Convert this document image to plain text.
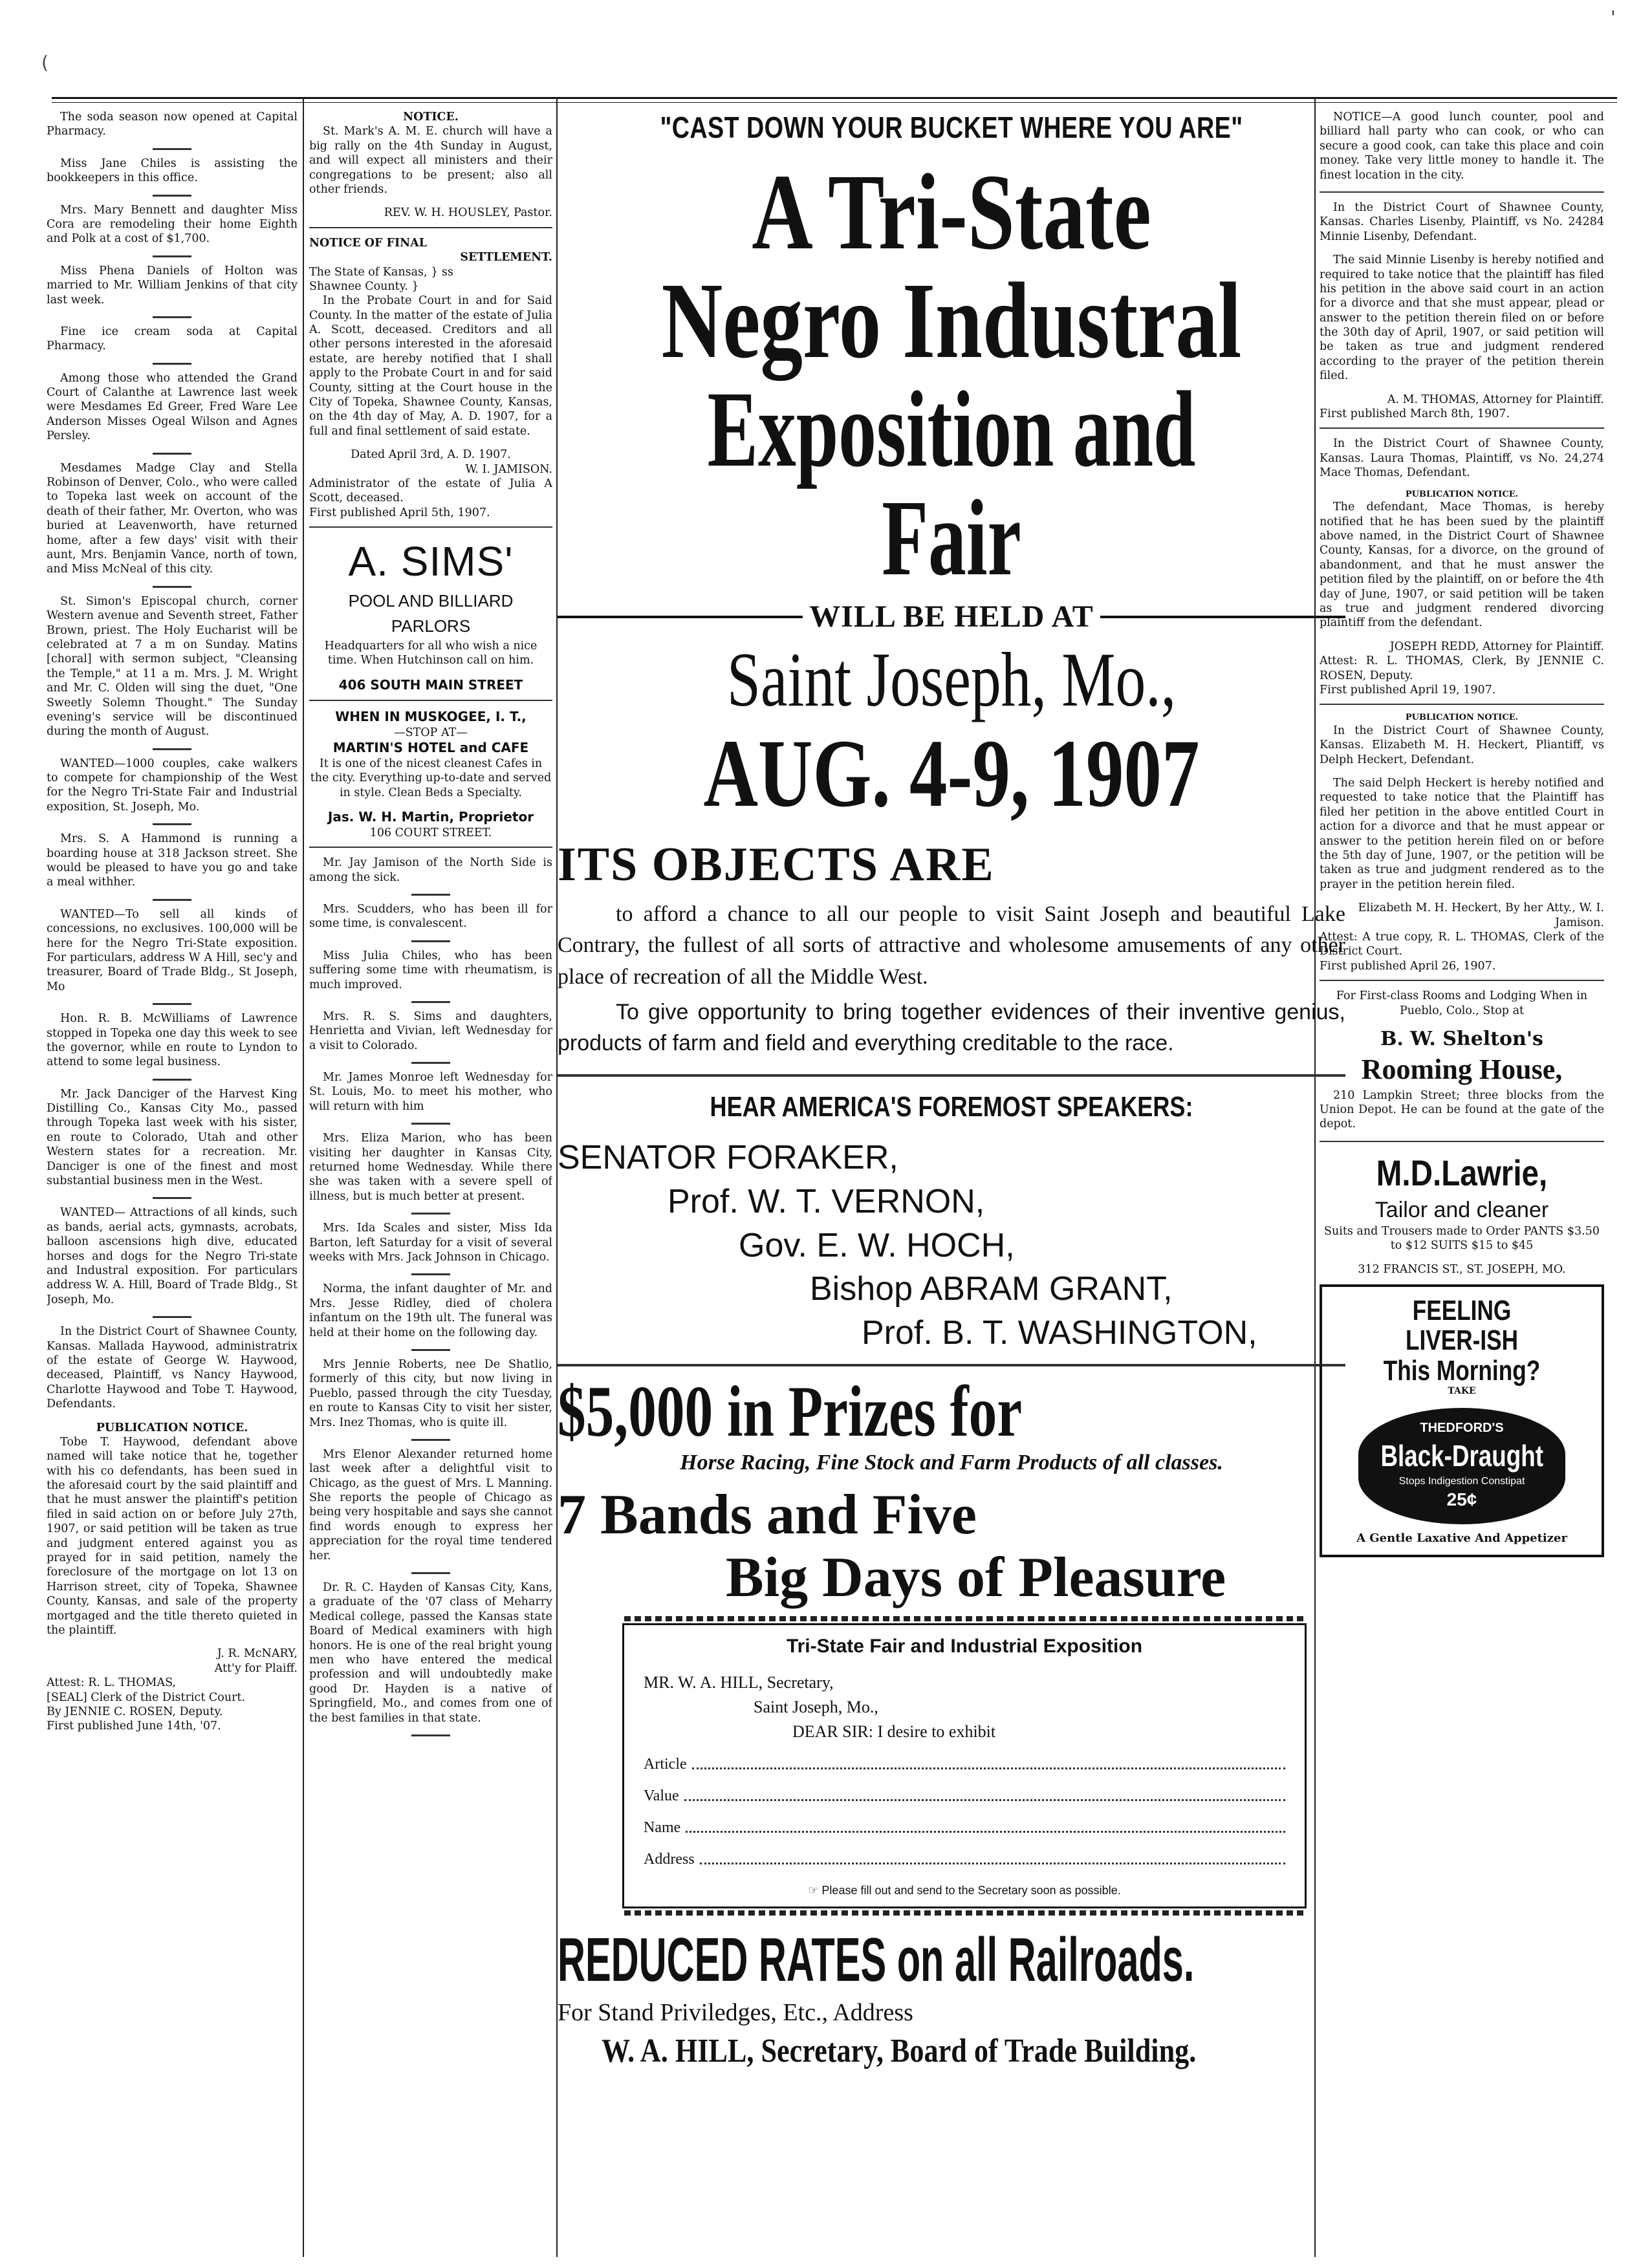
(
'

The soda season now opened at Capital Pharmacy.

Miss Jane Chiles is assisting the bookkeepers in this office.

Mrs. Mary Bennett and daughter Miss Cora are remodeling their home Eighth and Polk at a cost of $1,700.

Miss Phena Daniels of Holton was married to Mr. William Jenkins of that city last week.

Fine ice cream soda at Capital Pharmacy.

Among those who attended the Grand Court of Calanthe at Lawrence last week were Mesdames Ed Greer, Fred Ware Lee Anderson Misses Ogeal Wilson and Agnes Persley.

Mesdames Madge Clay and Stella Robinson of Denver, Colo., who were called to Topeka last week on account of the death of their father, Mr. Overton, who was buried at Leavenworth, have returned home, after a few days' visit with their aunt, Mrs. Benjamin Vance, north of town, and Miss McNeal of this city.

St. Simon's Episcopal church, corner Western avenue and Seventh street, Father Brown, priest. The Holy Eucharist will be celebrated at 7 a m on Sunday. Matins [choral] with sermon subject, "Cleansing the Temple," at 11 a m. Mrs. J. M. Wright and Mr. C. Olden will sing the duet, "One Sweetly Solemn Thought." The Sunday evening's service will be discontinued during the month of August.

WANTED—1000 couples, cake walkers to compete for championship of the West for the Negro Tri-State Fair and Industrial exposition, St. Joseph, Mo.

Mrs. S. A Hammond is running a boarding house at 318 Jackson street. She would be pleased to have you go and take a meal withher.

WANTED—To sell all kinds of concessions, no exclusives. 100,000 will be here for the Negro Tri-State exposition. For particulars, address W A Hill, sec'y and treasurer, Board of Trade Bldg., St Joseph, Mo

Hon. R. B. McWilliams of Lawrence stopped in Topeka one day this week to see the governor, while en route to Lyndon to attend to some legal business.

Mr. Jack Danciger of the Harvest King Distilling Co., Kansas City Mo., passed through Topeka last week with his sister, en route to Colorado, Utah and other Western states for a recreation. Mr. Danciger is one of the finest and most substantial business men in the West.

WANTED— Attractions of all kinds, such as bands, aerial acts, gymnasts, acrobats, balloon ascensions high dive, educated horses and dogs for the Negro Tri-state and Industral exposition. For particulars address W. A. Hill, Board of Trade Bldg., St Joseph, Mo.

In the District Court of Shawnee County, Kansas. Mallada Haywood, administratrix of the estate of George W. Haywood, deceased, Plaintiff, vs Nancy Haywood, Charlotte Haywood and Tobe T. Haywood, Defendants.

PUBLICATION NOTICE.

Tobe T. Haywood, defendant above named will take notice that he, together with his co defendants, has been sued in the aforesaid court by the said plaintiff and that he must answer the plaintiff's petition filed in said action on or before July 27th, 1907, or said petition will be taken as true and judgment entered against you as prayed for in said petition, namely the foreclosure of the mortgage on lot 13 on Harrison street, city of Topeka, Shawnee County, Kansas, and sale of the property mortgaged and the title thereto quieted in the plaintiff.

J. R. McNARY,
Att'y for Plaiff.
Attest: R. L. THOMAS,
[SEAL] Clerk of the District Court.
By JENNIE C. ROSEN, Deputy.
First published June 14th, '07.
NOTICE.

St. Mark's A. M. E. church will have a big rally on the 4th Sunday in August, and will expect all ministers and their congregations to be present; also all other friends.

REV. W. H. HOUSLEY, Pastor.
NOTICE OF FINAL
SETTLEMENT.
The State of Kansas, } ss
Shawnee County. }

In the Probate Court in and for Said County. In the matter of the estate of Julia A. Scott, deceased. Creditors and all other persons interested in the aforesaid estate, are hereby notified that I shall apply to the Probate Court in and for said County, sitting at the Court house in the City of Topeka, Shawnee County, Kansas, on the 4th day of May, A. D. 1907, for a full and final settlement of said estate.

Dated April 3rd, A. D. 1907.
W. I. JAMISON.
Administrator of the estate of Julia A Scott, deceased.
First published April 5th, 1907.
A. SIMS'
POOL AND BILLIARD
PARLORS

Headquarters for all who wish a nice time. When Hutchinson call on him.

406 SOUTH MAIN STREET
WHEN IN MUSKOGEE, I. T.,
—STOP AT—
MARTIN'S HOTEL and CAFE

It is one of the nicest cleanest Cafes in the city. Everything up-to-date and served in style. Clean Beds a Specialty.

Jas. W. H. Martin, Proprietor
106 COURT STREET.

Mr. Jay Jamison of the North Side is among the sick.

Mrs. Scudders, who has been ill for some time, is convalescent.

Miss Julia Chiles, who has been suffering some time with rheumatism, is much improved.

Mrs. R. S. Sims and daughters, Henrietta and Vivian, left Wednesday for a visit to Colorado.

Mr. James Monroe left Wednesday for St. Louis, Mo. to meet his mother, who will return with him

Mrs. Eliza Marion, who has been visiting her daughter in Kansas City, returned home Wednesday. While there she was taken with a severe spell of illness, but is much better at present.

Mrs. Ida Scales and sister, Miss Ida Barton, left Saturday for a visit of several weeks with Mrs. Jack Johnson in Chicago.

Norma, the infant daughter of Mr. and Mrs. Jesse Ridley, died of cholera infantum on the 19th ult. The funeral was held at their home on the following day.

Mrs Jennie Roberts, nee De Shatlio, formerly of this city, but now living in Pueblo, passed through the city Tuesday, en route to Kansas City to visit her sister, Mrs. Inez Thomas, who is quite ill.

Mrs Elenor Alexander returned home last week after a delightful visit to Chicago, as the guest of Mrs. L Manning. She reports the people of Chicago as being very hospitable and says she cannot find words enough to express her appreciation for the royal time tendered her.

Dr. R. C. Hayden of Kansas City, Kans, a graduate of the '07 class of Meharry Medical college, passed the Kansas state Board of Medical examiners with high honors. He is one of the real bright young men who have entered the medical profession and will undoubtedly make good Dr. Hayden is a native of Springfield, Mo., and comes from one of the best families in that state.

"CAST DOWN YOUR BUCKET WHERE YOU ARE"
A Tri-State
Negro Industral
Exposition and Fair
WILL BE HELD AT
Saint Joseph, Mo.,
AUG. 4-9, 1907
ITS OBJECTS ARE
to afford a chance to all our people to visit Saint Joseph and beautiful Lake Contrary, the fullest of all sorts of attractive and wholesome amusements of any other place of recreation of all the Middle West.
To give opportunity to bring together evidences of their inventive genius, products of farm and field and everything creditable to the race.
HEAR AMERICA'S FOREMOST SPEAKERS:
SENATOR FORAKER,
Prof. W. T. VERNON,
Gov. E. W. HOCH,
Bishop ABRAM GRANT,
Prof. B. T. WASHINGTON,
$5,000 in Prizes for
Horse Racing, Fine Stock and Farm Products of all classes.
7 Bands and Five
Big Days of Pleasure
Tri-State Fair and Industrial Exposition
MR. W. A. HILL, Secretary,
Saint Joseph, Mo.,
DEAR SIR: I desire to exhibit
Article
Value
Name
Address
☞ Please fill out and send to the Secretary soon as possible.
REDUCED RATES on all Railroads.
For Stand Priviledges, Etc., Address
W. A. HILL, Secretary, Board of Trade Building.

NOTICE—A good lunch counter, pool and billiard hall party who can cook, or who can secure a good cook, can take this place and coin money. Take very little money to handle it. The finest location in the city.

In the District Court of Shawnee County, Kansas. Charles Lisenby, Plaintiff, vs No. 24284 Minnie Lisenby, Defendant.

The said Minnie Lisenby is hereby notified and required to take notice that the plaintiff has filed his petition in the above said court in an action for a divorce and that she must appear, plead or answer to the petition therein filed on or before the 30th day of April, 1907, or said petition will be taken as true and judgment rendered according to the prayer of the petition therein filed.

A. M. THOMAS, Attorney for Plaintiff.
First published March 8th, 1907.

In the District Court of Shawnee County, Kansas. Laura Thomas, Plaintiff, vs No. 24,274 Mace Thomas, Defendant.

PUBLICATION NOTICE.

The defendant, Mace Thomas, is hereby notified that he has been sued by the plaintiff above named, in the District Court of Shawnee County, Kansas, for a divorce, on the ground of abandonment, and that he must answer the petition filed by the plaintiff, on or before the 4th day of June, 1907, or said petition will be taken as true and judgment rendered divorcing plaintiff from the defendant.

JOSEPH REDD, Attorney for Plaintiff.
Attest: R. L. THOMAS, Clerk, By JENNIE C. ROSEN, Deputy.
First published April 19, 1907.
PUBLICATION NOTICE.

In the District Court of Shawnee County, Kansas. Elizabeth M. H. Heckert, Pliantiff, vs Delph Heckert, Defendant.

The said Delph Heckert is hereby notified and requested to take notice that the Plaintiff has filed her petition in the above entitled Court in action for a divorce and that he must appear or answer to the petition herein filed on or before the 5th day of June, 1907, or the petition will be taken as true and judgment rendered as to the prayer in the petition herein filed.

Elizabeth M. H. Heckert, By her Atty., W. I. Jamison.
Attest: A true copy, R. L. THOMAS, Clerk of the District Court.
First published April 26, 1907.

For First-class Rooms and Lodging When in Pueblo, Colo., Stop at

B. W. Shelton's
Rooming House,

210 Lampkin Street; three blocks from the Union Depot. He can be found at the gate of the depot.

M.D.Lawrie,
Tailor and cleaner

Suits and Trousers made to Order PANTS $3.50 to $12 SUITS $15 to $45

312 FRANCIS ST., ST. JOSEPH, MO.
FEELING
LIVER-ISH
This Morning?
TAKE
THEDFORD'S
Black-Draught
Stops Indigestion Constipat
25¢
A Gentle Laxative And Appetizer
